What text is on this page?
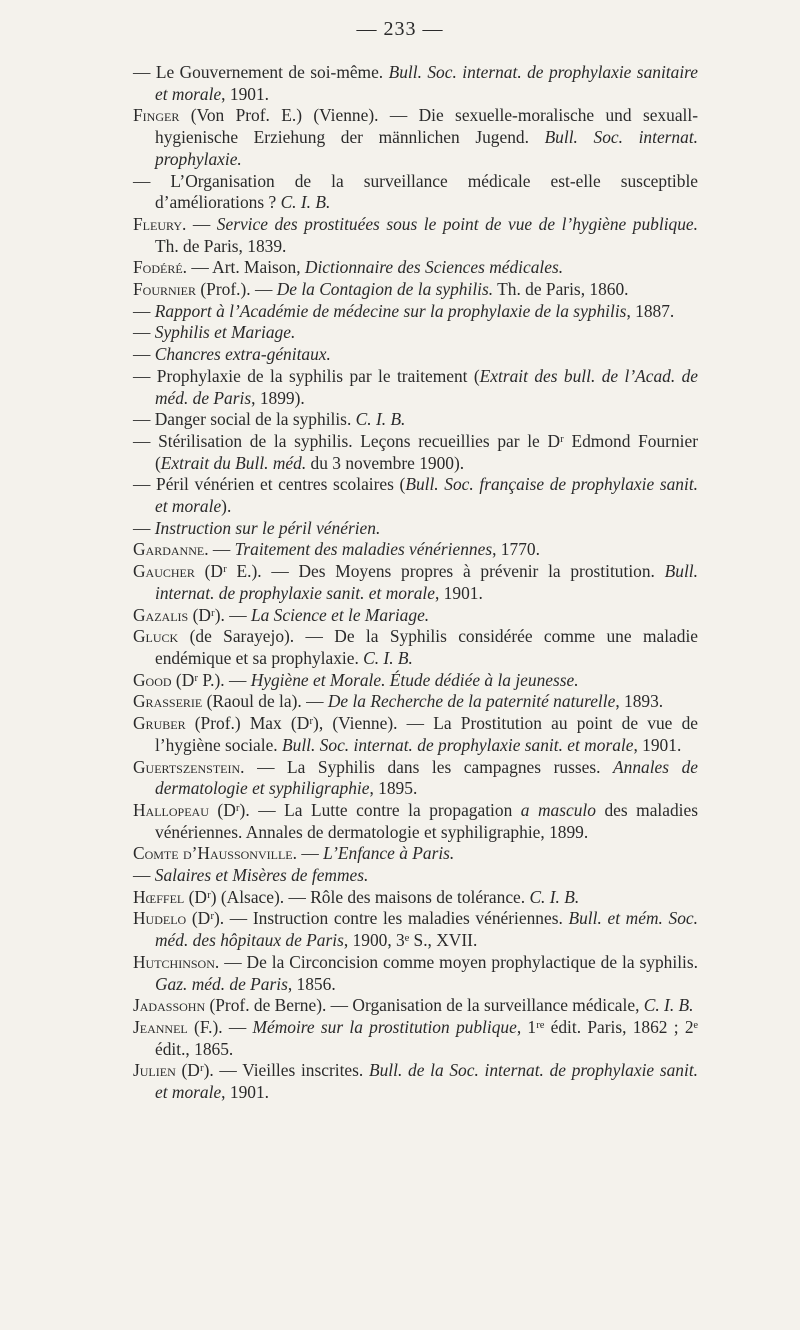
— 233 —

— Le Gouvernement de soi-même. Bull. Soc. internat. de prophylaxie sanitaire et morale, 1901.

Finger (Von Prof. E.) (Vienne). — Die sexuelle-moralische und sexuall-hygienische Erziehung der männlichen Jugend. Bull. Soc. internat. prophylaxie.

— L’Organisation de la surveillance médicale est-elle susceptible d’améliorations ? C. I. B.

Fleury. — Service des prostituées sous le point de vue de l’hygiène publique. Th. de Paris, 1839.

Fodéré. — Art. Maison, Dictionnaire des Sciences médicales.

Fournier (Prof.). — De la Contagion de la syphilis. Th. de Paris, 1860.

— Rapport à l’Académie de médecine sur la prophylaxie de la syphilis, 1887.

— Syphilis et Mariage.

— Chancres extra-génitaux.

— Prophylaxie de la syphilis par le traitement (Extrait des bull. de l’Acad. de méd. de Paris, 1899).

— Danger social de la syphilis. C. I. B.

— Stérilisation de la syphilis. Leçons recueillies par le Dʳ Edmond Fournier (Extrait du Bull. méd. du 3 novembre 1900).

— Péril vénérien et centres scolaires (Bull. Soc. française de prophylaxie sanit. et morale).

— Instruction sur le péril vénérien.

Gardanne. — Traitement des maladies vénériennes, 1770.

Gaucher (Dʳ E.). — Des Moyens propres à prévenir la prostitution. Bull. internat. de prophylaxie sanit. et morale, 1901.

Gazalis (Dʳ). — La Science et le Mariage.

Gluck (de Sarayejo). — De la Syphilis considérée comme une maladie endémique et sa prophylaxie. C. I. B.

Good (Dʳ P.). — Hygiène et Morale. Étude dédiée à la jeunesse.

Grasserie (Raoul de la). — De la Recherche de la paternité naturelle, 1893.

Gruber (Prof.) Max (Dʳ), (Vienne). — La Prostitution au point de vue de l’hygiène sociale. Bull. Soc. internat. de prophylaxie sanit. et morale, 1901.

Guertszenstein. — La Syphilis dans les campagnes russes. Annales de dermatologie et syphiligraphie, 1895.

Hallopeau (Dʳ). — La Lutte contre la propagation a masculo des maladies vénériennes. Annales de dermatologie et syphiligraphie, 1899.

Comte d’Haussonville. — L’Enfance à Paris.

— Salaires et Misères de femmes.

Hœffel (Dʳ) (Alsace). — Rôle des maisons de tolérance. C. I. B.

Hudelo (Dʳ). — Instruction contre les maladies vénériennes. Bull. et mém. Soc. méd. des hôpitaux de Paris, 1900, 3ᵉ S., XVII.

Hutchinson. — De la Circoncision comme moyen prophylactique de la syphilis. Gaz. méd. de Paris, 1856.

Jadassohn (Prof. de Berne). — Organisation de la surveillance médicale, C. I. B.

Jeannel (F.). — Mémoire sur la prostitution publique, 1ʳᵉ édit. Paris, 1862 ; 2ᵉ édit., 1865.

Julien (Dʳ). — Vieilles inscrites. Bull. de la Soc. internat. de prophylaxie sanit. et morale, 1901.
